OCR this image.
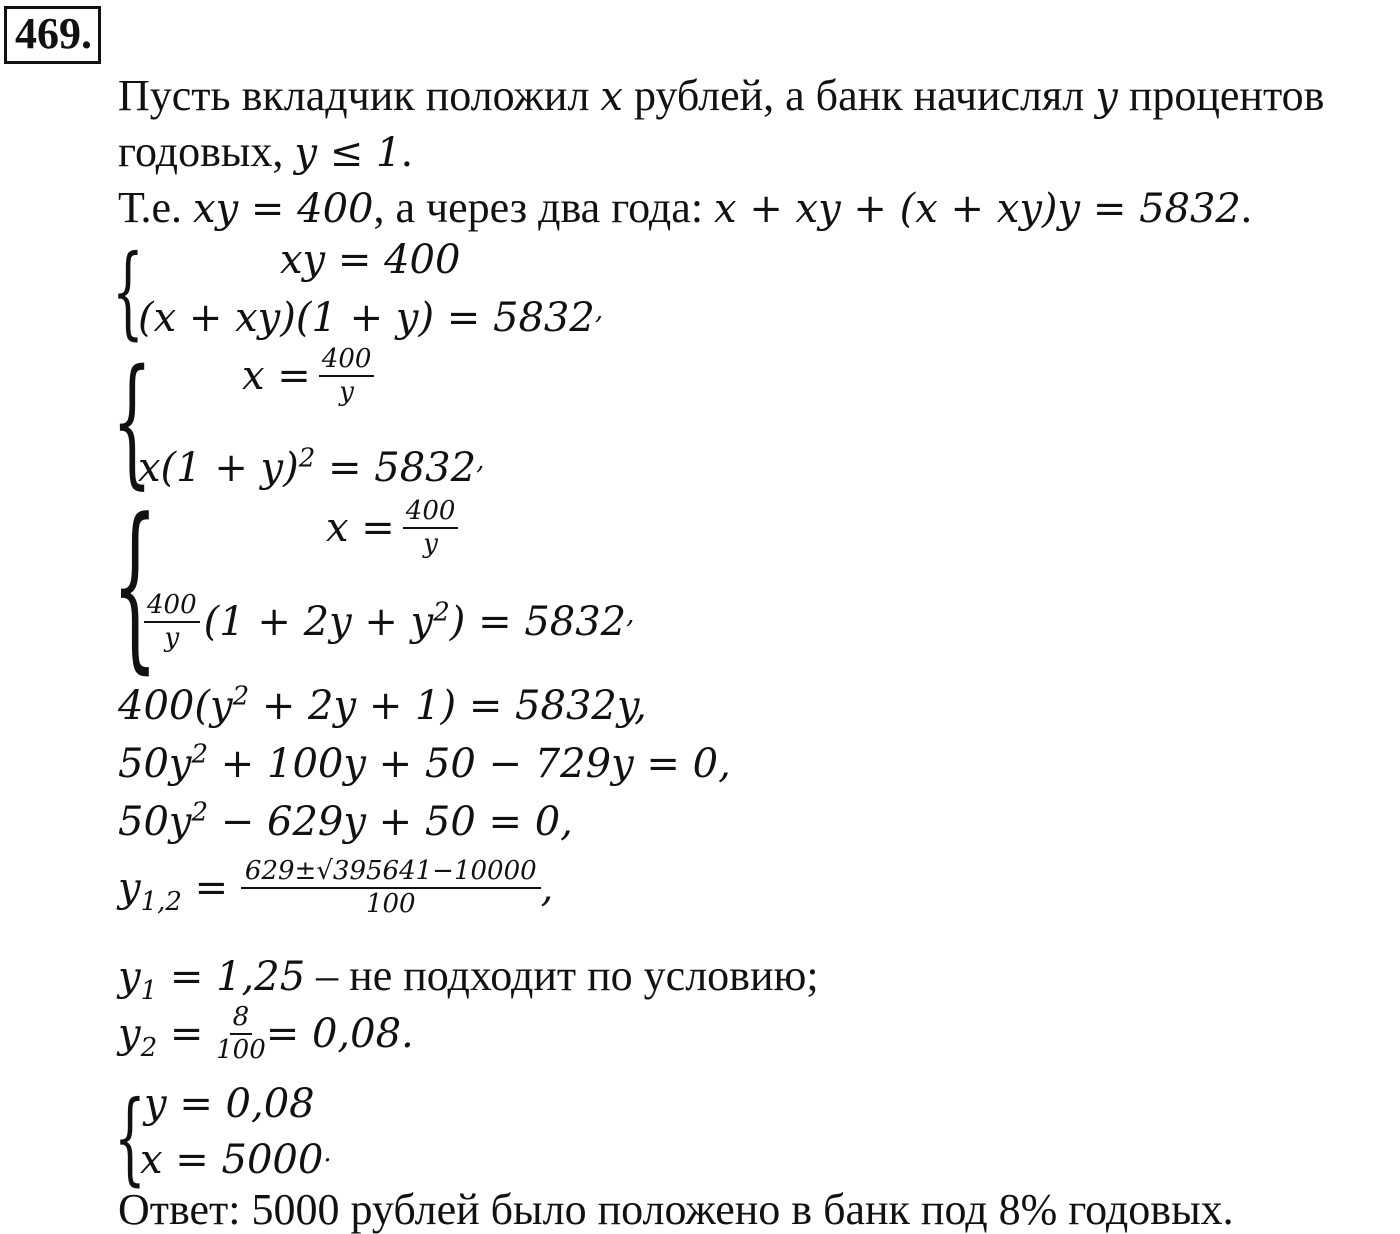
469.
Пусть вкладчик положил x рублей, а банк начислял y процентов
годовых, y ≤ 1.
Т.е. xy = 400, а через два года: x + xy + (x + xy)y = 5832.
{	xy = 400
(x + xy)(1 + y) = 5832,
{ $x = \frac{400}{y}$
$x(1 + y)^2 = 5832^,$
{	$x = \frac{400}{y}$
$\frac{400}{y} (1 + 2y + y^2) = 5832^,$
$400(y^2 + 2y + 1) = 5832y$,
$50y^2 + 100y + 50 - 729y = 0$,
$50y^2 - 629y + 50 = 0$,
$y_{1,2} = \frac{629\pm√395641-10000}{100}$ ,
$y_1 = 1,25$ – не подходит по условию;
$y_2 = \frac{8}{100} = 0,08$.
{
y = 0,08
x = 5000.
Ответ: 5000 рублей было положено в банк под 8% годовых.
